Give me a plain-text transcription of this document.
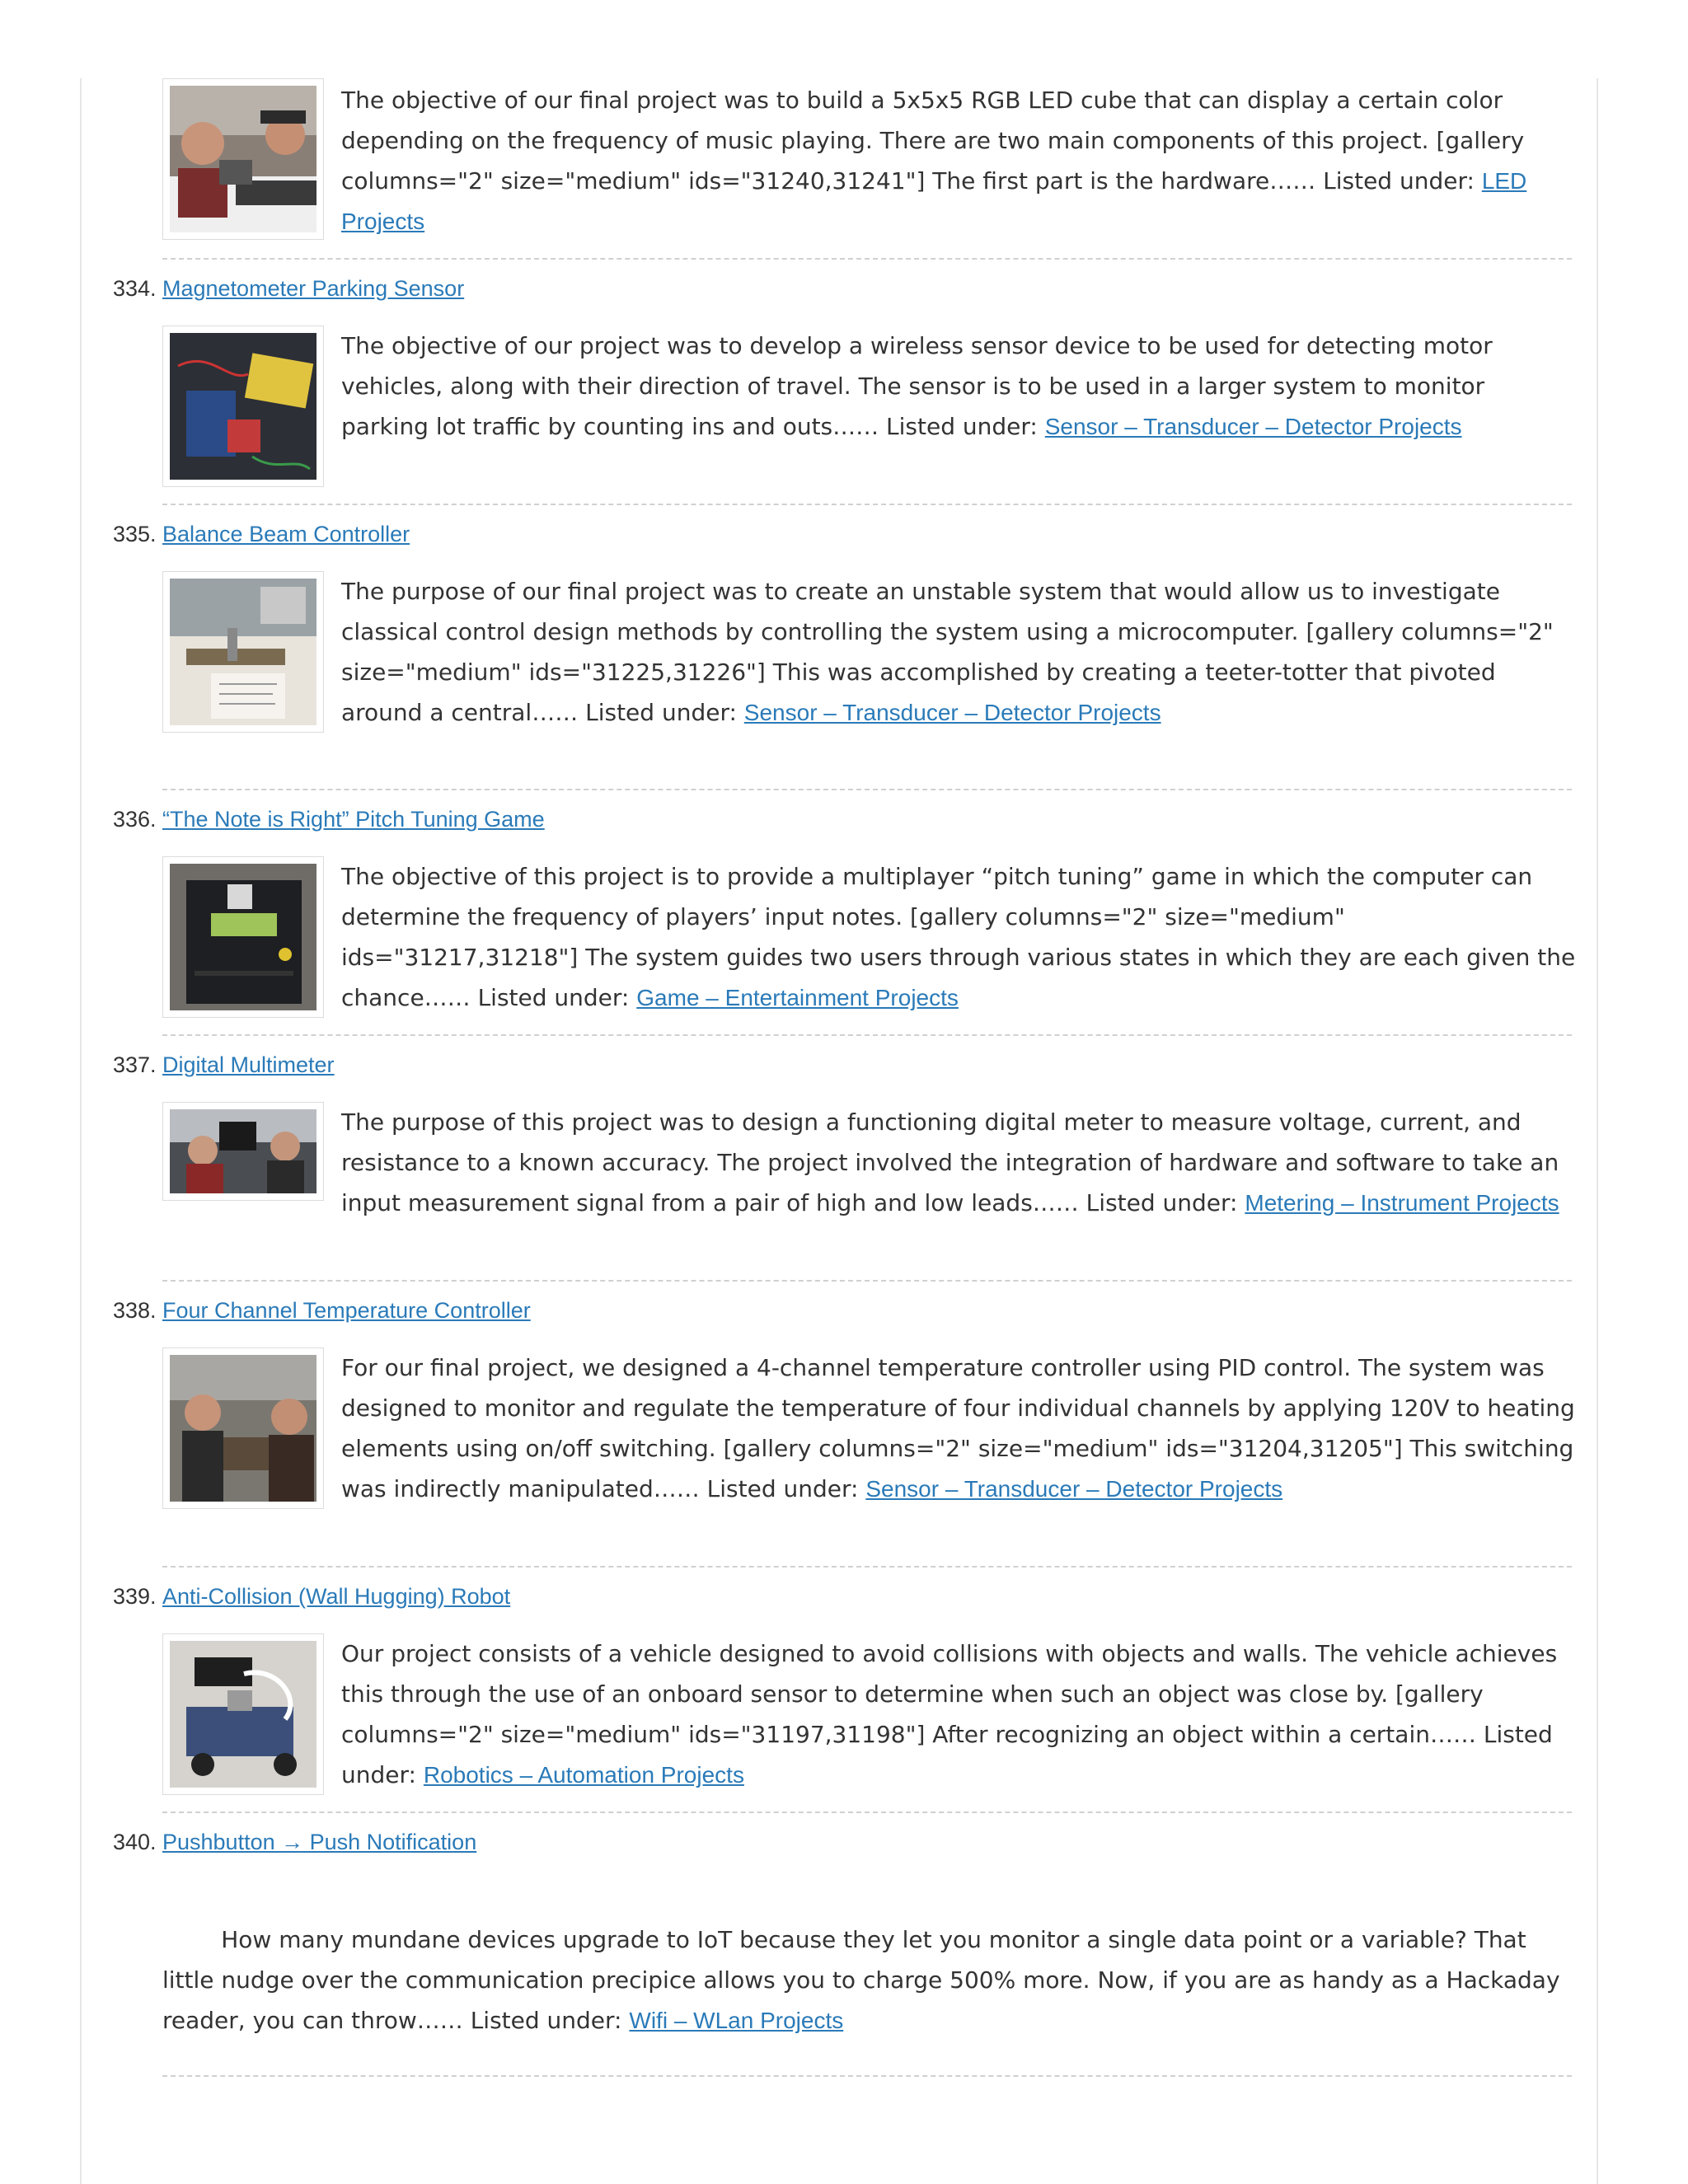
The objective of our final project was to build a 5x5x5 RGB LED cube that can display a certain color depending on the frequency of music playing. There are two main components of this project. [gallery columns="2" size="medium" ids="31240,31241"] The first part is the hardware…… Listed under: LED Projects
334. Magnetometer Parking Sensor
The objective of our project was to develop a wireless sensor device to be used for detecting motor vehicles, along with their direction of travel. The sensor is to be used in a larger system to monitor parking lot traffic by counting ins and outs…… Listed under: Sensor – Transducer – Detector Projects
335. Balance Beam Controller
The purpose of our final project was to create an unstable system that would allow us to investigate classical control design methods by controlling the system using a microcomputer. [gallery columns="2" size="medium" ids="31225,31226"] This was accomplished by creating a teeter-totter that pivoted around a central…… Listed under: Sensor – Transducer – Detector Projects
336. “The Note is Right” Pitch Tuning Game
The objective of this project is to provide a multiplayer “pitch tuning” game in which the computer can determine the frequency of players’ input notes. [gallery columns="2" size="medium" ids="31217,31218"] The system guides two users through various states in which they are each given the chance…… Listed under: Game – Entertainment Projects
337. Digital Multimeter
The purpose of this project was to design a functioning digital meter to measure voltage, current, and resistance to a known accuracy. The project involved the integration of hardware and software to take an input measurement signal from a pair of high and low leads…… Listed under: Metering – Instrument Projects
338. Four Channel Temperature Controller
For our final project, we designed a 4-channel temperature controller using PID control. The system was designed to monitor and regulate the temperature of four individual channels by applying 120V to heating elements using on/off switching. [gallery columns="2" size="medium" ids="31204,31205"] This switching was indirectly manipulated…… Listed under: Sensor – Transducer – Detector Projects
339. Anti-Collision (Wall Hugging) Robot
Our project consists of a vehicle designed to avoid collisions with objects and walls. The vehicle achieves this through the use of an onboard sensor to determine when such an object was close by. [gallery columns="2" size="medium" ids="31197,31198"] After recognizing an object within a certain…… Listed under: Robotics – Automation Projects
340. Pushbutton → Push Notification

How many mundane devices upgrade to IoT because they let you monitor a single data point or a variable? That little nudge over the communication precipice allows you to charge 500% more. Now, if you are as handy as a Hackaday reader, you can throw…… Listed under: Wifi – WLan Projects
